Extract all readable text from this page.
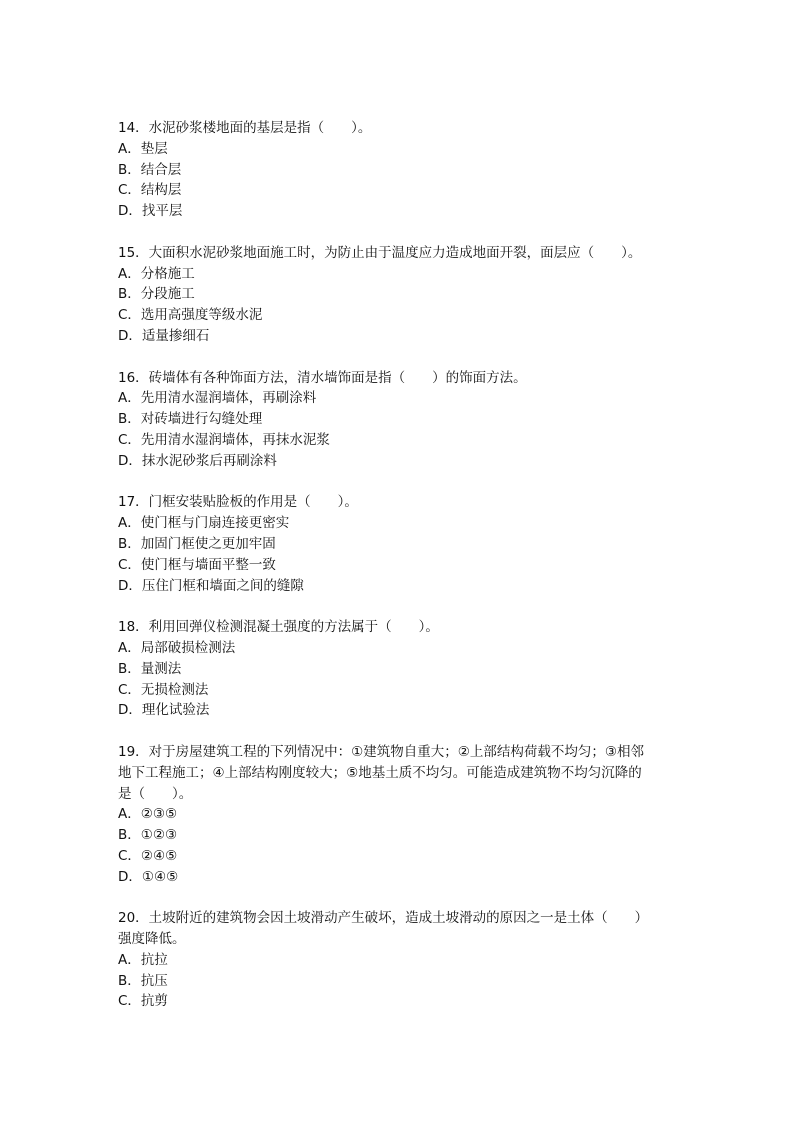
14．水泥砂浆楼地面的基层是指（　　）。
A．垫层
B．结合层
C．结构层
D．找平层
15．大面积水泥砂浆地面施工时，为防止由于温度应力造成地面开裂，面层应（　　）。
A．分格施工
B．分段施工
C．选用高强度等级水泥
D．适量掺细石
16．砖墙体有各种饰面方法，清水墙饰面是指（　　）的饰面方法。
A．先用清水湿润墙体，再刷涂料
B．对砖墙进行勾缝处理
C．先用清水湿润墙体，再抹水泥浆
D．抹水泥砂浆后再刷涂料
17．门框安装贴脸板的作用是（　　）。
A．使门框与门扇连接更密实
B．加固门框使之更加牢固
C．使门框与墙面平整一致
D．压住门框和墙面之间的缝隙
18．利用回弹仪检测混凝土强度的方法属于（　　）。
A．局部破损检测法
B．量测法
C．无损检测法
D．理化试验法
19．对于房屋建筑工程的下列情况中：①建筑物自重大；②上部结构荷载不均匀；③相邻
地下工程施工；④上部结构刚度较大；⑤地基土质不均匀。可能造成建筑物不均匀沉降的
是（　　）。
A．②③⑤
B．①②③
C．②④⑤
D．①④⑤
20．土坡附近的建筑物会因土坡滑动产生破坏，造成土坡滑动的原因之一是土体（　　）
强度降低。
A．抗拉
B．抗压
C．抗剪
